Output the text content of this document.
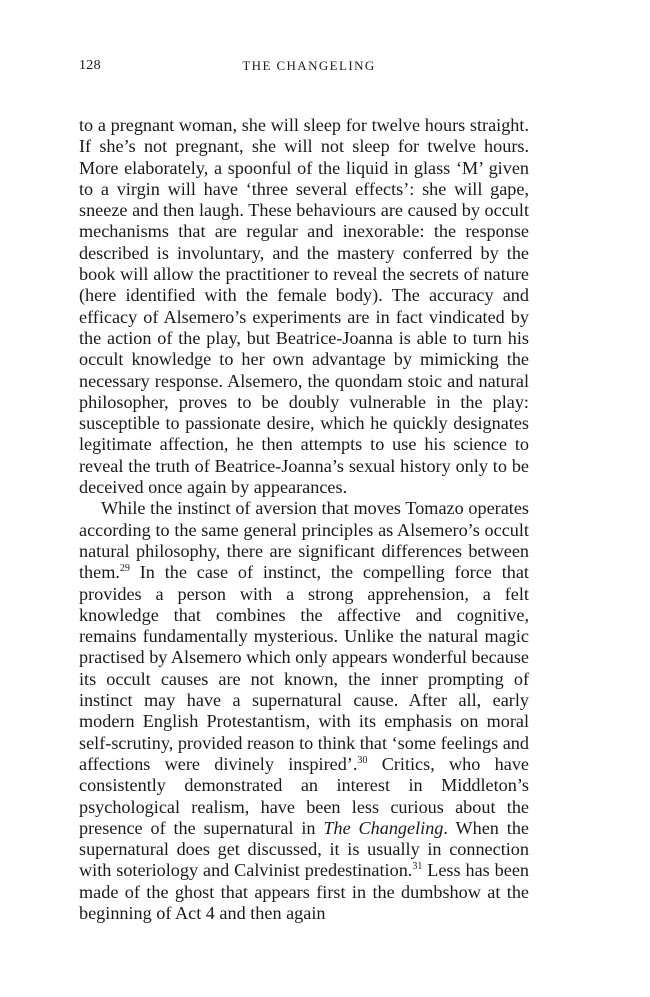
128	THE CHANGELING

to a pregnant woman, she will sleep for twelve hours straight. If she’s not pregnant, she will not sleep for twelve hours. More elaborately, a spoonful of the liquid in glass ‘M’ given to a virgin will have ‘three several effects’: she will gape, sneeze and then laugh. These behaviours are caused by occult mechanisms that are regular and inexorable: the response described is involuntary, and the mastery conferred by the book will allow the practitioner to reveal the secrets of nature (here identified with the female body). The accuracy and efficacy of Alsemero’s experiments are in fact vindicated by the action of the play, but Beatrice-Joanna is able to turn his occult knowledge to her own advantage by mimicking the necessary response. Alsemero, the quondam stoic and natural philosopher, proves to be doubly vulnerable in the play: susceptible to passionate desire, which he quickly designates legitimate affection, he then attempts to use his science to reveal the truth of Beatrice-Joanna’s sexual history only to be deceived once again by appearances.

While the instinct of aversion that moves Tomazo operates according to the same general principles as Alsemero’s occult natural philosophy, there are significant differences between them.$^{29}$ In the case of instinct, the compelling force that provides a person with a strong apprehension, a felt knowledge that combines the affective and cognitive, remains fundamentally mysterious. Unlike the natural magic practised by Alsemero which only appears wonderful because its occult causes are not known, the inner prompting of instinct may have a supernatural cause. After all, early modern English Protestantism, with its emphasis on moral self-scrutiny, provided reason to think that ‘some feelings and affections were divinely inspired’.$^{30}$ Critics, who have consistently demonstrated an interest in Middleton’s psychological realism, have been less curious about the presence of the supernatural in The Changeling. When the supernatural does get discussed, it is usually in connection with soteriology and Calvinist predestination.$^{31}$ Less has been made of the ghost that appears first in the dumbshow at the beginning of Act 4 and then again
